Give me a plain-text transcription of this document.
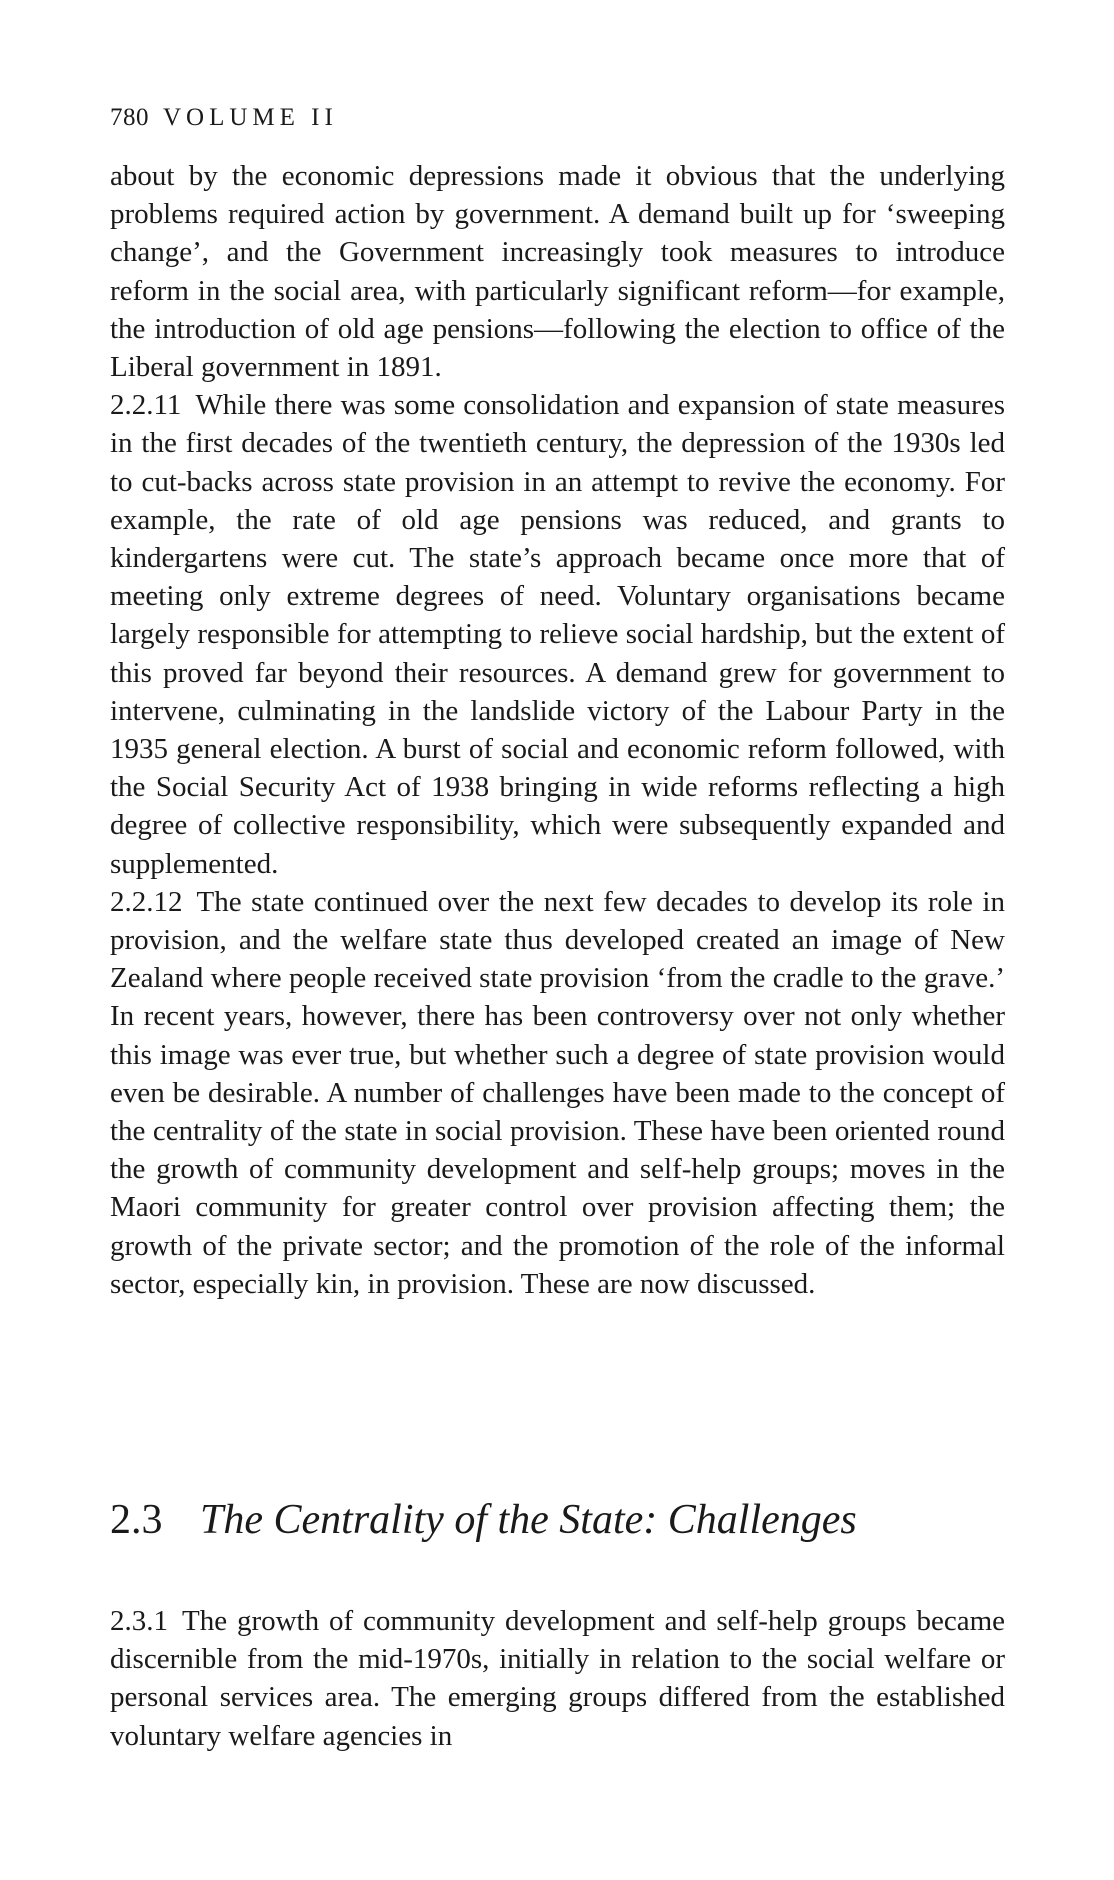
780 VOLUME II

about by the economic depressions made it obvious that the underlying problems required action by government. A demand built up for ‘sweeping change’, and the Government increasingly took measures to introduce reform in the social area, with particularly significant reform—for example, the introduction of old age pensions—following the election to office of the Liberal government in 1891.

2.2.11 While there was some consolidation and expansion of state measures in the first decades of the twentieth century, the depression of the 1930s led to cut-backs across state provision in an attempt to revive the economy. For example, the rate of old age pensions was reduced, and grants to kindergartens were cut. The state’s approach became once more that of meeting only extreme degrees of need. Voluntary organisations became largely responsible for attempting to relieve social hardship, but the extent of this proved far beyond their resources. A demand grew for government to intervene, culminating in the landslide victory of the Labour Party in the 1935 general election. A burst of social and economic reform followed, with the Social Security Act of 1938 bringing in wide reforms reflecting a high degree of collective responsibility, which were subsequently expanded and supplemented.

2.2.12 The state continued over the next few decades to develop its role in provision, and the welfare state thus developed created an image of New Zealand where people received state provision ‘from the cradle to the grave.’ In recent years, however, there has been controversy over not only whether this image was ever true, but whether such a degree of state provision would even be desirable. A number of challenges have been made to the concept of the centrality of the state in social provision. These have been oriented round the growth of community development and self-help groups; moves in the Maori community for greater control over provision affecting them; the growth of the private sector; and the promotion of the role of the informal sector, especially kin, in provision. These are now discussed.

2.3 The Centrality of the State: Challenges

2.3.1 The growth of community development and self-help groups became discernible from the mid-1970s, initially in relation to the social welfare or personal services area. The emerging groups differed from the established voluntary welfare agencies in
